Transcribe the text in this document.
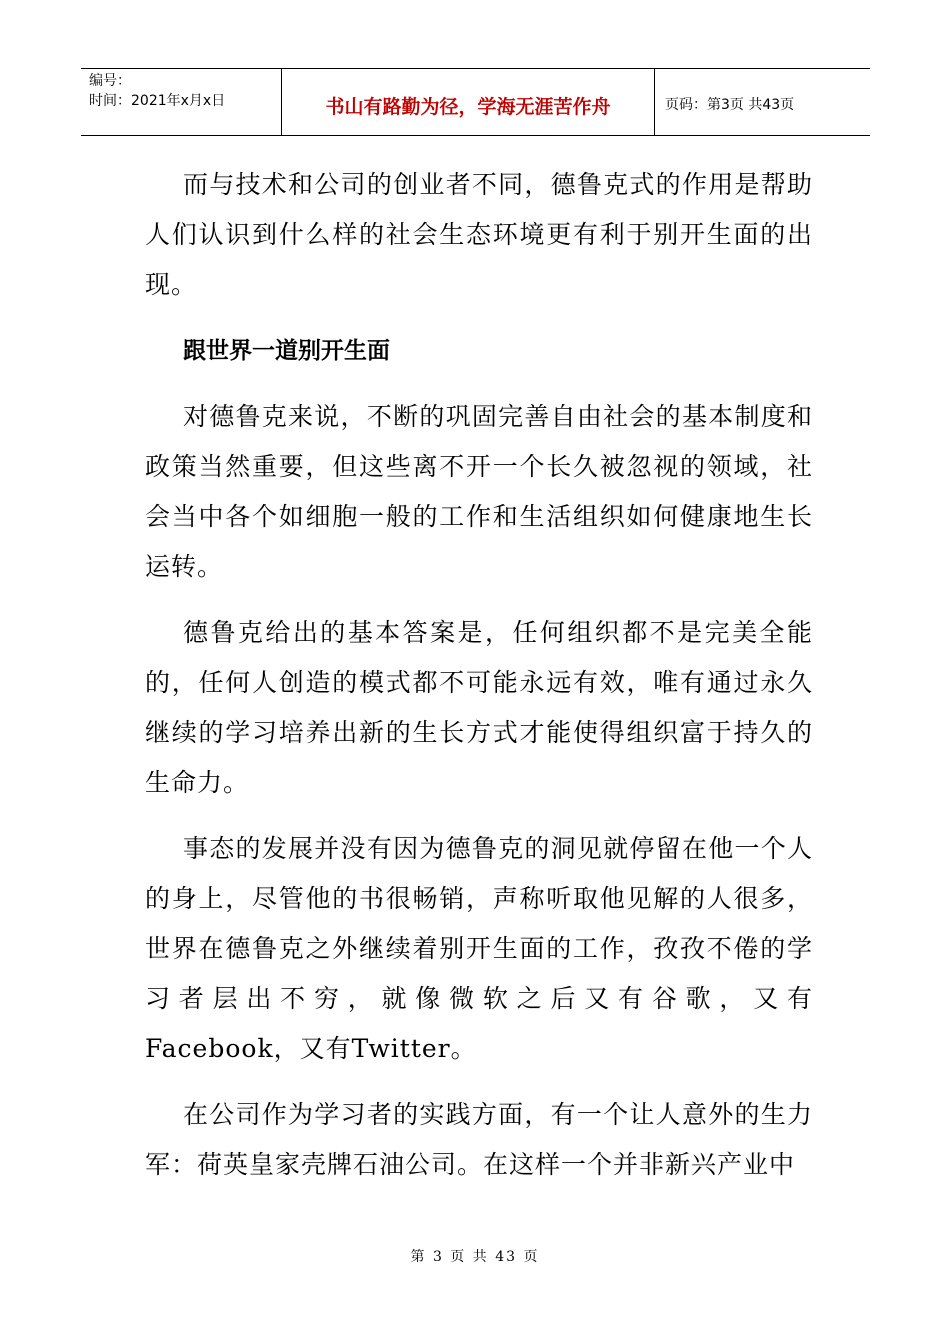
编号：
时间：2021年x月x日	书山有路勤为径，学海无涯苦作舟	页码：第3页 共43页

而与技术和公司的创业者不同，德鲁克式的作用是帮助人们认识到什么样的社会生态环境更有利于别开生面的出现。

跟世界一道别开生面

对德鲁克来说，不断的巩固完善自由社会的基本制度和政策当然重要，但这些离不开一个长久被忽视的领域，社会当中各个如细胞一般的工作和生活组织如何健康地生长运转。

德鲁克给出的基本答案是，任何组织都不是完美全能的，任何人创造的模式都不可能永远有效，唯有通过永久继续的学习培养出新的生长方式才能使得组织富于持久的生命力。

事态的发展并没有因为德鲁克的洞见就停留在他一个人的身上，尽管他的书很畅销，声称听取他见解的人很多，世界在德鲁克之外继续着别开生面的工作，孜孜不倦的学习者层出不穷，就像微软之后又有谷歌，又有Facebook，又有Twitter。

在公司作为学习者的实践方面，有一个让人意外的生力军：荷英皇家壳牌石油公司。在这样一个并非新兴产业中

第 3 页 共 43 页
